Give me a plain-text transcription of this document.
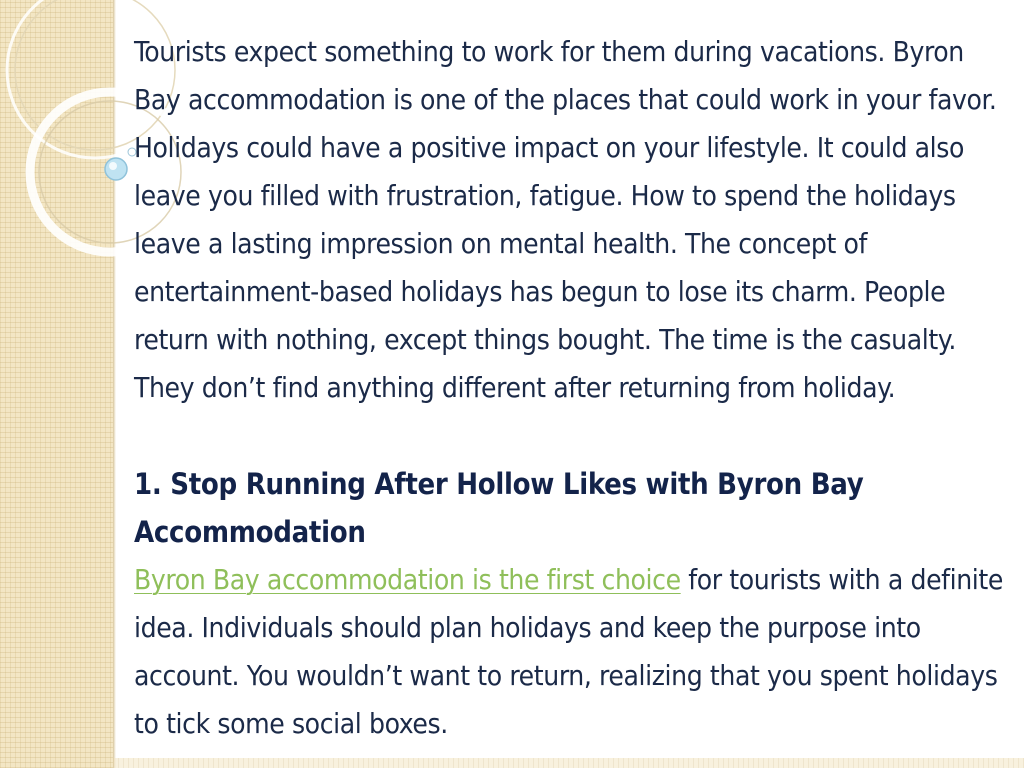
Tourists expect something to work for them during vacations. Byron Bay accommodation is one of the places that could work in your favor. Holidays could have a positive impact on your lifestyle. It could also leave you filled with frustration, fatigue. How to spend the holidays leave a lasting impression on mental health. The concept of entertainment-based holidays has begun to lose its charm. People return with nothing, except things bought. The time is the casualty. They don’t find anything different after returning from holiday.

1. Stop Running After Hollow Likes with Byron Bay Accommodation

Byron Bay accommodation is the first choice for tourists with a definite idea. Individuals should plan holidays and keep the purpose into account. You wouldn’t want to return, realizing that you spent holidays to tick some social boxes.
